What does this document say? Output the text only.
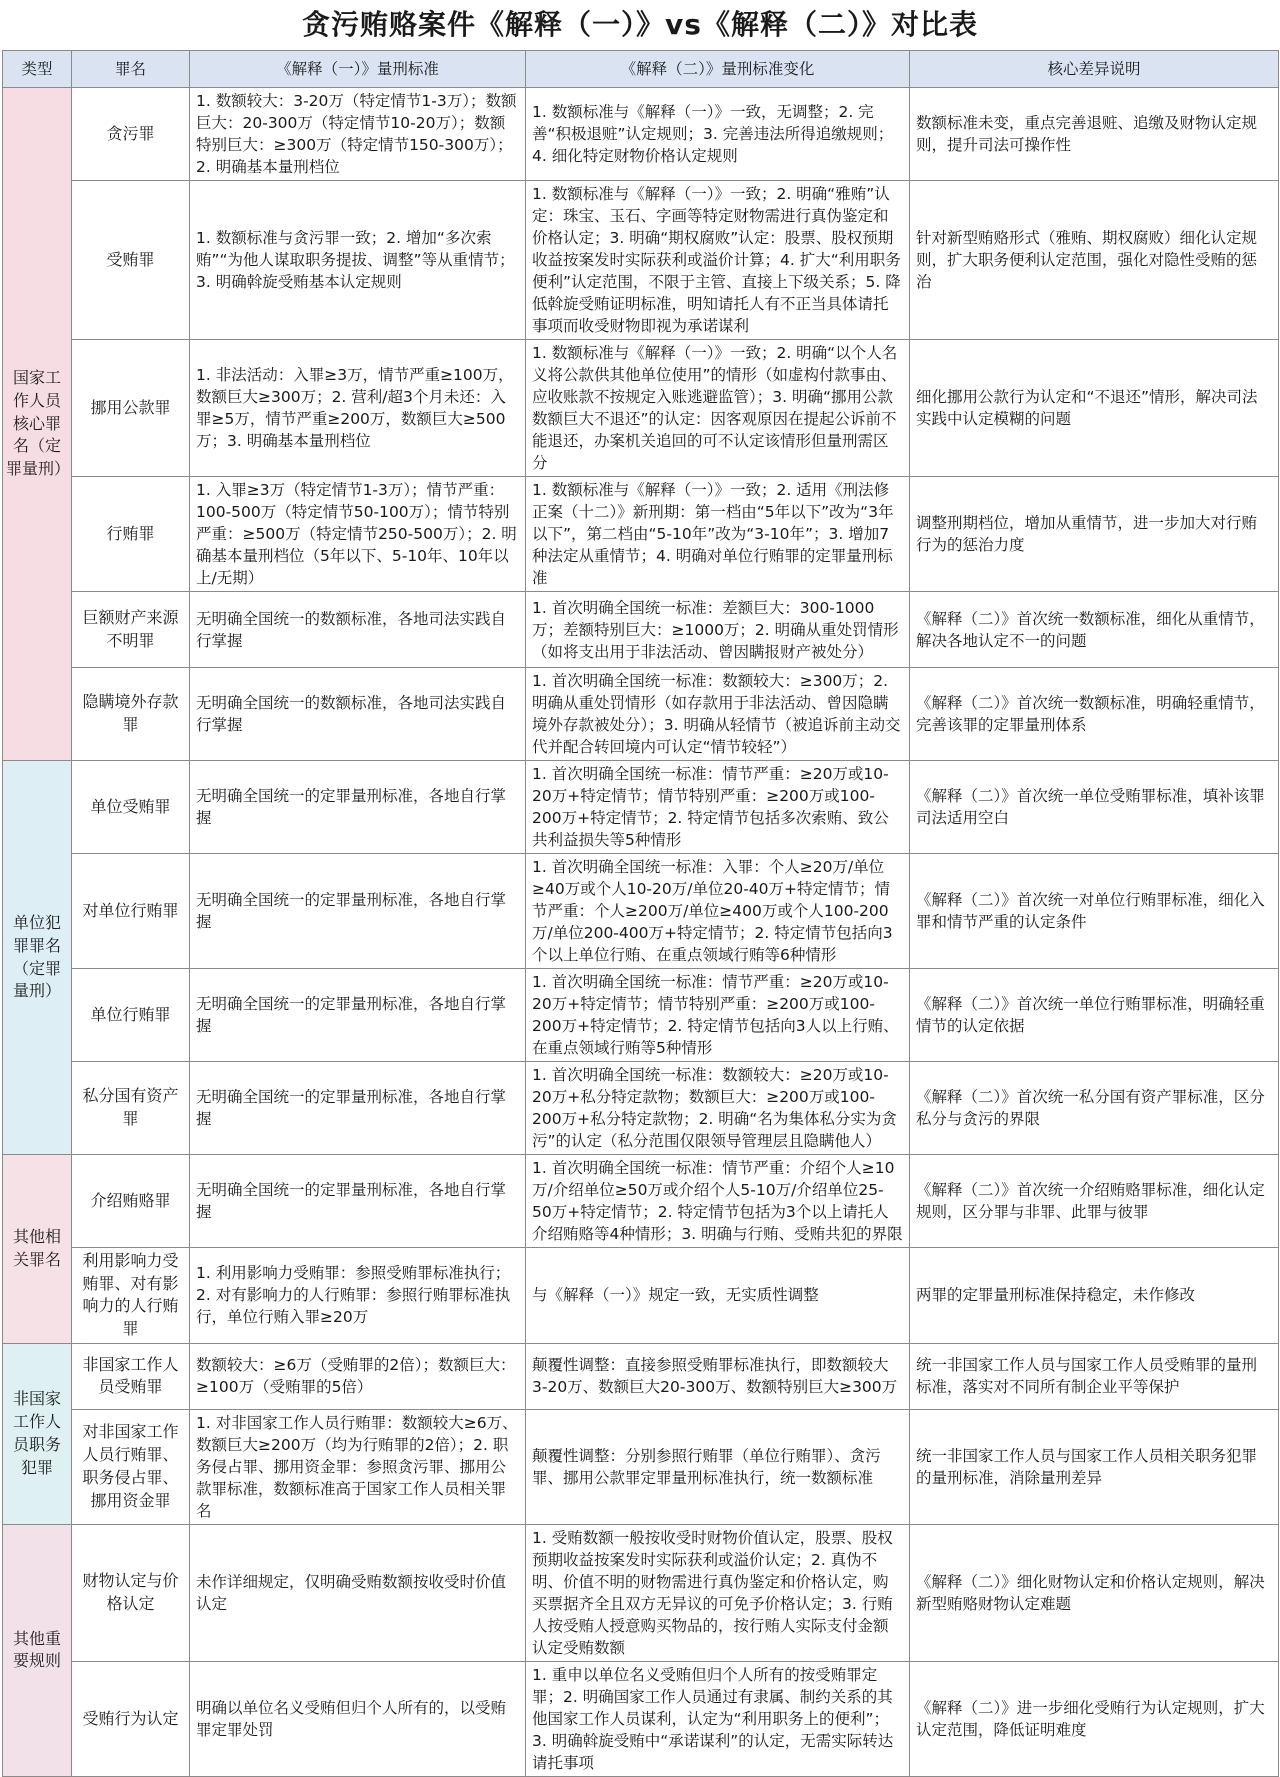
贪污贿赂案件《解释（一）》vs《解释（二）》对比表
类型	罪名	《解释（一）》量刑标准	《解释（二）》量刑标准变化	核心差异说明
国家工作人员核心罪名（定罪量刑）	贪污罪	1. 数额较大：3-20万（特定情节1-3万）；数额巨大：20-300万（特定情节10-20万）；数额特别巨大：≥300万（特定情节150-300万）；2. 明确基本量刑档位	1. 数额标准与《解释（一）》一致，无调整；2. 完善“积极退赃”认定规则；3. 完善违法所得追缴规则；4. 细化特定财物价格认定规则	数额标准未变，重点完善退赃、追缴及财物认定规则，提升司法可操作性
	受贿罪	1. 数额标准与贪污罪一致；2. 增加“多次索贿”“为他人谋取职务提拔、调整”等从重情节；3. 明确斡旋受贿基本认定规则	1. 数额标准与《解释（一）》一致；2. 明确“雅贿”认定：珠宝、玉石、字画等特定财物需进行真伪鉴定和价格认定；3. 明确“期权腐败”认定：股票、股权预期收益按案发时实际获利或溢价计算；4. 扩大“利用职务便利”认定范围，不限于主管、直接上下级关系；5. 降低斡旋受贿证明标准，明知请托人有不正当具体请托事项而收受财物即视为承诺谋利	针对新型贿赂形式（雅贿、期权腐败）细化认定规则，扩大职务便利认定范围，强化对隐性受贿的惩治
	挪用公款罪	1. 非法活动：入罪≥3万，情节严重≥100万，数额巨大≥300万；2. 营利/超3个月未还：入罪≥5万，情节严重≥200万，数额巨大≥500万；3. 明确基本量刑档位	1. 数额标准与《解释（一）》一致；2. 明确“以个人名义将公款供其他单位使用”的情形（如虚构付款事由、应收账款不按规定入账逃避监管）；3. 明确“挪用公款数额巨大不退还”的认定：因客观原因在提起公诉前不能退还，办案机关追回的可不认定该情形但量刑需区分	细化挪用公款行为认定和“不退还”情形，解决司法实践中认定模糊的问题
	行贿罪	1. 入罪≥3万（特定情节1-3万）；情节严重：100-500万（特定情节50-100万）；情节特别严重：≥500万（特定情节250-500万）；2. 明确基本量刑档位（5年以下、5-10年、10年以上/无期）	1. 数额标准与《解释（一）》一致；2. 适用《刑法修正案（十二）》新刑期：第一档由“5年以下”改为“3年以下”，第二档由“5-10年”改为“3-10年”；3. 增加7种法定从重情节；4. 明确对单位行贿罪的定罪量刑标准	调整刑期档位，增加从重情节，进一步加大对行贿行为的惩治力度
	巨额财产来源不明罪	无明确全国统一的数额标准，各地司法实践自行掌握	1. 首次明确全国统一标准：差额巨大：300-1000万；差额特别巨大：≥1000万；2. 明确从重处罚情形（如将支出用于非法活动、曾因瞒报财产被处分）	《解释（二）》首次统一数额标准，细化从重情节，解决各地认定不一的问题
	隐瞒境外存款罪	无明确全国统一的数额标准，各地司法实践自行掌握	1. 首次明确全国统一标准：数额较大：≥300万；2. 明确从重处罚情形（如存款用于非法活动、曾因隐瞒境外存款被处分）；3. 明确从轻情节（被追诉前主动交代并配合转回境内可认定“情节较轻”）	《解释（二）》首次统一数额标准，明确轻重情节，完善该罪的定罪量刑体系
单位犯罪罪名（定罪量刑）	单位受贿罪	无明确全国统一的定罪量刑标准，各地自行掌握	1. 首次明确全国统一标准：情节严重：≥20万或10-20万+特定情节；情节特别严重：≥200万或100-200万+特定情节；2. 特定情节包括多次索贿、致公共利益损失等5种情形	《解释（二）》首次统一单位受贿罪标准，填补该罪司法适用空白
	对单位行贿罪	无明确全国统一的定罪量刑标准，各地自行掌握	1. 首次明确全国统一标准：入罪：个人≥20万/单位≥40万或个人10-20万/单位20-40万+特定情节；情节严重：个人≥200万/单位≥400万或个人100-200万/单位200-400万+特定情节；2. 特定情节包括向3个以上单位行贿、在重点领域行贿等6种情形	《解释（二）》首次统一对单位行贿罪标准，细化入罪和情节严重的认定条件
	单位行贿罪	无明确全国统一的定罪量刑标准，各地自行掌握	1. 首次明确全国统一标准：情节严重：≥20万或10-20万+特定情节；情节特别严重：≥200万或100-200万+特定情节；2. 特定情节包括向3人以上行贿、在重点领域行贿等5种情形	《解释（二）》首次统一单位行贿罪标准，明确轻重情节的认定依据
	私分国有资产罪	无明确全国统一的定罪量刑标准，各地自行掌握	1. 首次明确全国统一标准：数额较大：≥20万或10-20万+私分特定款物；数额巨大：≥200万或100-200万+私分特定款物；2. 明确“名为集体私分实为贪污”的认定（私分范围仅限领导管理层且隐瞒他人）	《解释（二）》首次统一私分国有资产罪标准，区分私分与贪污的界限
其他相关罪名	介绍贿赂罪	无明确全国统一的定罪量刑标准，各地自行掌握	1. 首次明确全国统一标准：情节严重：介绍个人≥10万/介绍单位≥50万或介绍个人5-10万/介绍单位25-50万+特定情节；2. 特定情节包括为3个以上请托人介绍贿赂等4种情形；3. 明确与行贿、受贿共犯的界限	《解释（二）》首次统一介绍贿赂罪标准，细化认定规则，区分罪与非罪、此罪与彼罪
	利用影响力受贿罪、对有影响力的人行贿罪	1. 利用影响力受贿罪：参照受贿罪标准执行；2. 对有影响力的人行贿罪：参照行贿罪标准执行，单位行贿入罪≥20万	与《解释（一）》规定一致，无实质性调整	两罪的定罪量刑标准保持稳定，未作修改
非国家工作人员职务犯罪	非国家工作人员受贿罪	数额较大：≥6万（受贿罪的2倍）；数额巨大：≥100万（受贿罪的5倍）	颠覆性调整：直接参照受贿罪标准执行，即数额较大3-20万、数额巨大20-300万、数额特别巨大≥300万	统一非国家工作人员与国家工作人员受贿罪的量刑标准，落实对不同所有制企业平等保护
	对非国家工作人员行贿罪、职务侵占罪、挪用资金罪	1. 对非国家工作人员行贿罪：数额较大≥6万、数额巨大≥200万（均为行贿罪的2倍）；2. 职务侵占罪、挪用资金罪：参照贪污罪、挪用公款罪标准，数额标准高于国家工作人员相关罪名	颠覆性调整：分别参照行贿罪（单位行贿罪）、贪污罪、挪用公款罪定罪量刑标准执行，统一数额标准	统一非国家工作人员与国家工作人员相关职务犯罪的量刑标准，消除量刑差异
其他重要规则	财物认定与价格认定	未作详细规定，仅明确受贿数额按收受时价值认定	1. 受贿数额一般按收受时财物价值认定，股票、股权预期收益按案发时实际获利或溢价认定；2. 真伪不明、价值不明的财物需进行真伪鉴定和价格认定，购买票据齐全且双方无异议的可免予价格认定；3. 行贿人按受贿人授意购买物品的，按行贿人实际支付金额认定受贿数额	《解释（二）》细化财物认定和价格认定规则，解决新型贿赂财物认定难题
	受贿行为认定	明确以单位名义受贿但归个人所有的，以受贿罪定罪处罚	1. 重申以单位名义受贿但归个人所有的按受贿罪定罪；2. 明确国家工作人员通过有隶属、制约关系的其他国家工作人员谋利，认定为“利用职务上的便利”；3. 明确斡旋受贿中“承诺谋利”的认定，无需实际转达请托事项	《解释（二）》进一步细化受贿行为认定规则，扩大认定范围，降低证明难度
